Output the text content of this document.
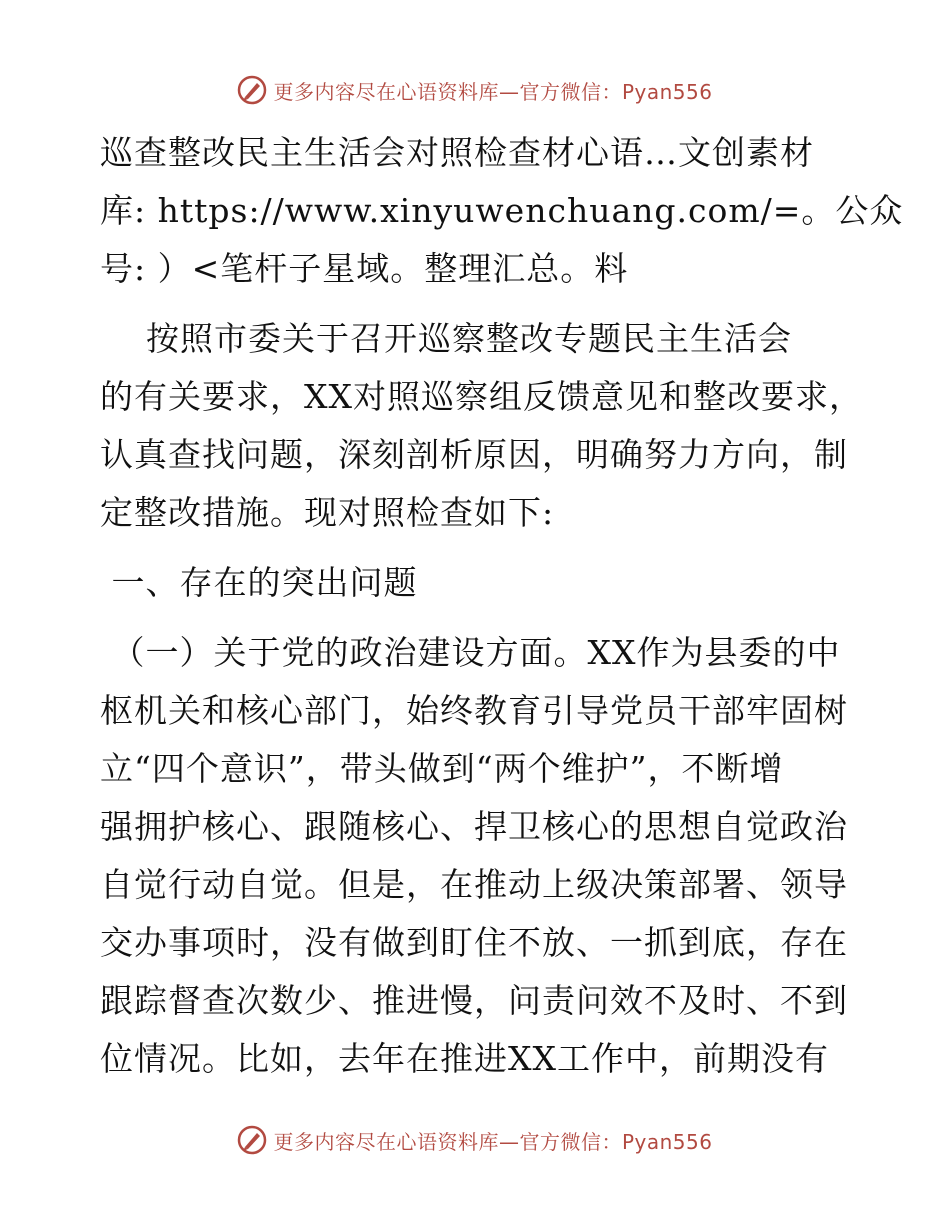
更多内容尽在心语资料库—官方微信：Pyan556
巡查整改民主生活会对照检查材心语…文创素材
库: https://www.xinyuwenchuang.com/=。公众
号: ）<笔杆子星域。整理汇总。料
按照市委关于召开巡察整改专题民主生活会
的有关要求，XX对照巡察组反馈意见和整改要求，
认真查找问题，深刻剖析原因，明确努力方向，制
定整改措施。现对照检查如下:
一、存在的突出问题
（一）关于党的政治建设方面。XX作为县委的中
枢机关和核心部门，始终教育引导党员干部牢固树
立“四个意识”，带头做到“两个维护”，不断增
强拥护核心、跟随核心、捍卫核心的思想自觉政治
自觉行动自觉。但是，在推动上级决策部署、领导
交办事项时，没有做到盯住不放、一抓到底，存在
跟踪督查次数少、推进慢，问责问效不及时、不到
位情况。比如，去年在推进XX工作中，前期没有
更多内容尽在心语资料库—官方微信：Pyan556
